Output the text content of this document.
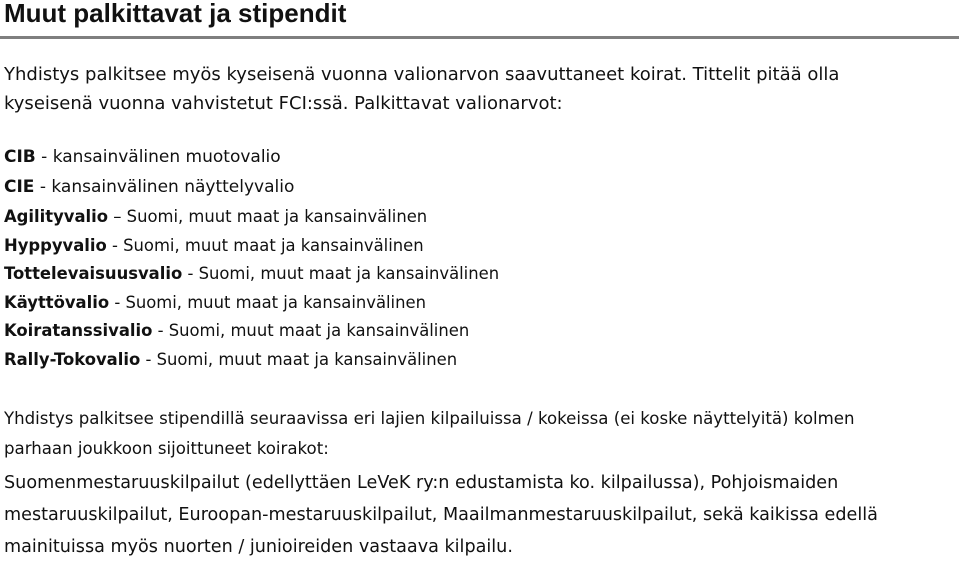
Muut palkittavat ja stipendit

Yhdistys palkitsee myös kyseisenä vuonna valionarvon saavuttaneet koirat. Tittelit pitää olla
kyseisenä vuonna vahvistetut FCI:ssä. Palkittavat valionarvot:

CIB - kansainvälinen muotovalio
CIE - kansainvälinen näyttelyvalio
Agilityvalio – Suomi, muut maat ja kansainvälinen
Hyppyvalio - Suomi, muut maat ja kansainvälinen
Tottelevaisuusvalio - Suomi, muut maat ja kansainvälinen
Käyttövalio - Suomi, muut maat ja kansainvälinen
Koiratanssivalio - Suomi, muut maat ja kansainvälinen
Rally-Tokovalio - Suomi, muut maat ja kansainvälinen

Yhdistys palkitsee stipendillä seuraavissa eri lajien kilpailuissa / kokeissa (ei koske näyttelyitä) kolmen
parhaan joukkoon sijoittuneet koirakot:

Suomenmestaruuskilpailut (edellyttäen LeVeK ry:n edustamista ko. kilpailussa), Pohjoismaiden
mestaruuskilpailut, Euroopan-mestaruuskilpailut, Maailmanmestaruuskilpailut, sekä kaikissa edellä
mainituissa myös nuorten / junioireiden vastaava kilpailu.
